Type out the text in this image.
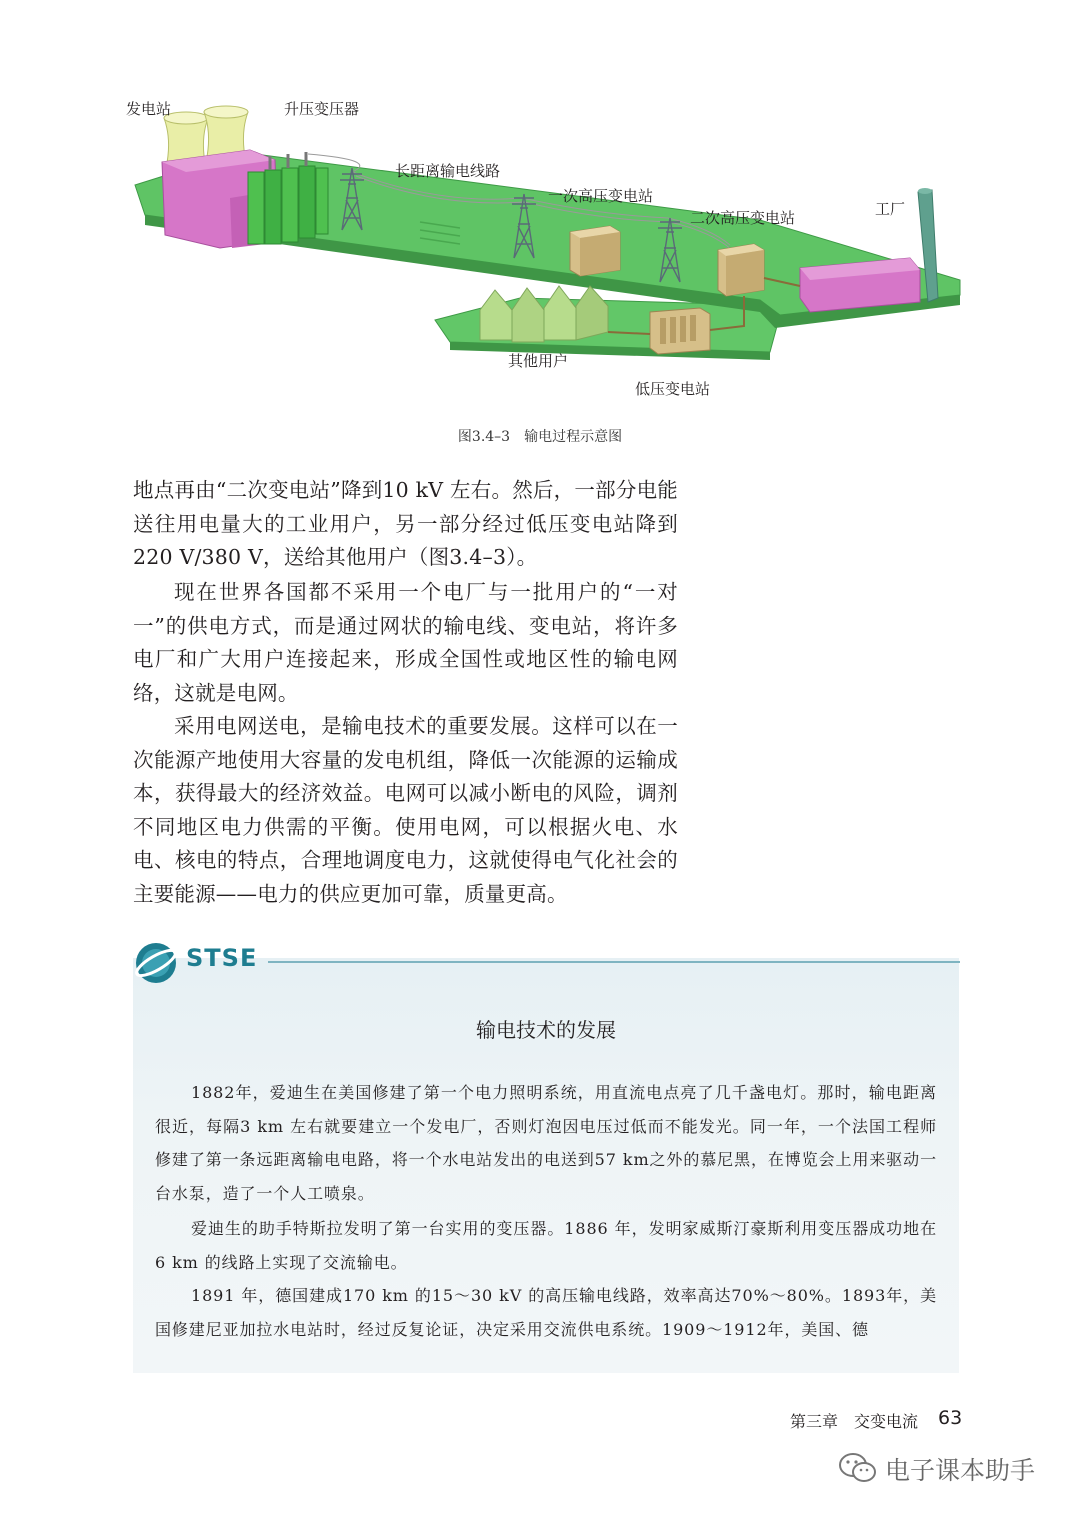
发电站	升压变压器
长距离输电线路
一次高压变电站
二次高压变电站	工厂
其他用户
低压变电站
图3.4–3　输电过程示意图

地点再由“二次变电站”降到10 kV 左右。然后，一部分电能送往用电量大的工业用户，另一部分经过低压变电站降到220 V/380 V，送给其他用户（图3.4–3）。

现在世界各国都不采用一个电厂与一批用户的“一对一”的供电方式，而是通过网状的输电线、变电站，将许多电厂和广大用户连接起来，形成全国性或地区性的输电网络，这就是电网。

采用电网送电，是输电技术的重要发展。这样可以在一次能源产地使用大容量的发电机组，降低一次能源的运输成本，获得最大的经济效益。电网可以减小断电的风险，调剂不同地区电力供需的平衡。使用电网，可以根据火电、水电、核电的特点，合理地调度电力，这就使得电气化社会的主要能源——电力的供应更加可靠，质量更高。

STSE
输电技术的发展

1882年，爱迪生在美国修建了第一个电力照明系统，用直流电点亮了几千盏电灯。那时，输电距离很近，每隔3 km 左右就要建立一个发电厂，否则灯泡因电压过低而不能发光。同一年，一个法国工程师修建了第一条远距离输电电路，将一个水电站发出的电送到57 km之外的慕尼黑，在博览会上用来驱动一台水泵，造了一个人工喷泉。

爱迪生的助手特斯拉发明了第一台实用的变压器。1886 年，发明家威斯汀豪斯利用变压器成功地在6 km 的线路上实现了交流输电。

1891 年，德国建成170 km 的15～30 kV 的高压输电线路，效率高达70%～80%。1893年，美国修建尼亚加拉水电站时，经过反复论证，决定采用交流供电系统。1909～1912年，美国、德

第三章　交变电流 63
电子课本助手
